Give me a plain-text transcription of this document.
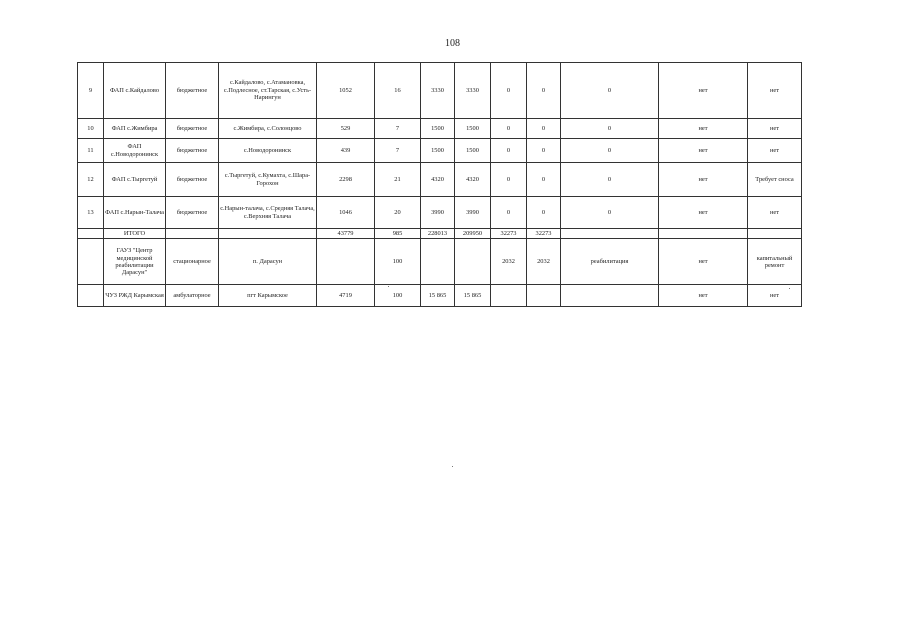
108
9	ФАП с.Кайдалово	бюджетное	с.Кайдалово, с.Атамановка, с.Подлесное, ст.Тарская, с.Усть-Нарингун	1052	16	3330	3330	0	0	0	нет	нет
10	ФАП с.Жимбира	бюджетное	с.Жимбира, с.Солонцово	529	7	1500	1500	0	0	0	нет	нет
11	ФАП с.Новодоронинск	бюджетное	с.Новодоронинск	439	7	1500	1500	0	0	0	нет	нет
12	ФАП с.Тыргетуй	бюджетное	с.Тыргетуй, с.Кумахта, с.Шара-Горохон	2298	21	4320	4320	0	0	0	нет	Требует сноса
13	ФАП с.Нарын-Талача	бюджетное	с.Нарын-талача, с.Средняя Талача, с.Верхняя Талача	1046	20	3990	3990	0	0	0	нет	нет
	ИТОГО			43779	985	228013	209950	32273	32273			
	ГАУЗ "Центр медицинской реабилитации Дарасун"	стационарное	п. Дарасун		100			2032	2032	реабилитация	нет	капитальный ремонт
	ЧУЗ РЖД Карымская	амбулаторное	пгт Карымское	4719	100	15 865	15 865				нет	нет
